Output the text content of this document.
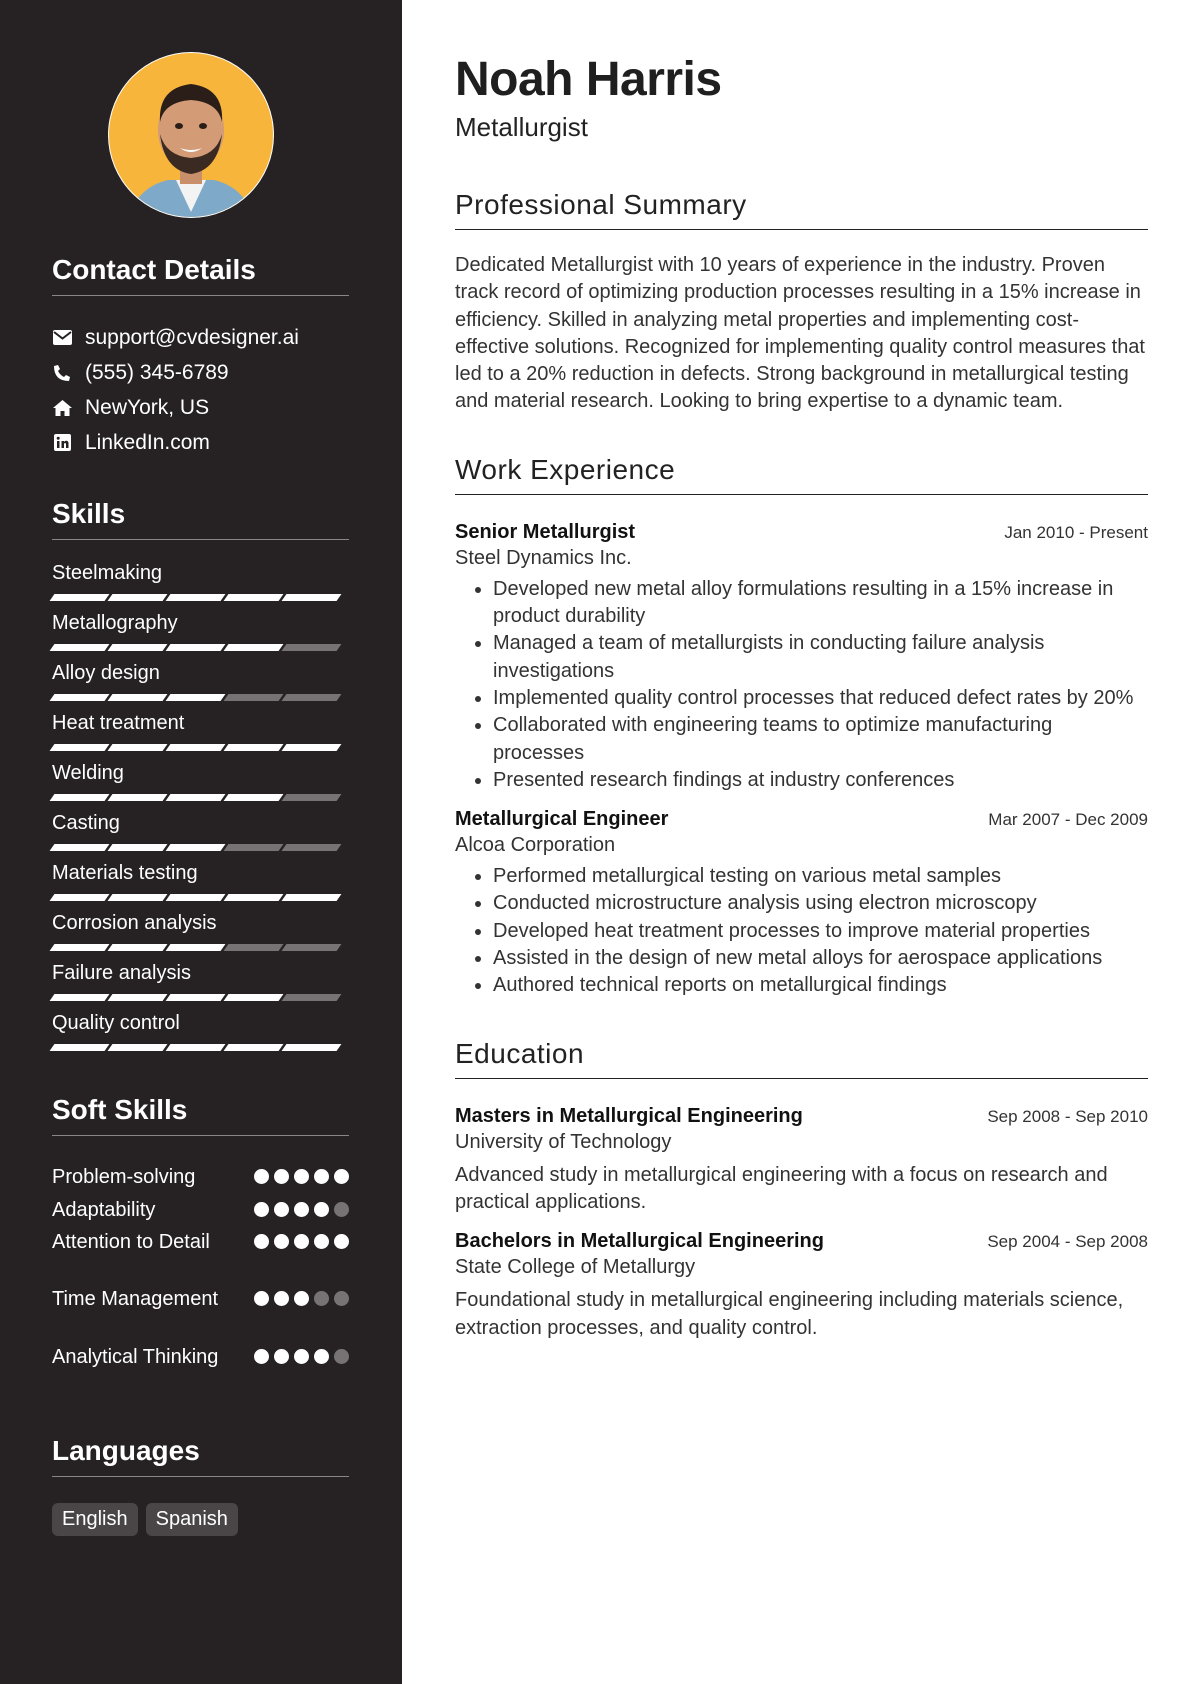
Contact Details
support@cvdesigner.ai
(555) 345-6789
NewYork, US
LinkedIn.com
Skills
Steelmaking
Metallography
Alloy design
Heat treatment
Welding
Casting
Materials testing
Corrosion analysis
Failure analysis
Quality control
Soft Skills
Problem-solving
Adaptability
Attention to Detail
Time Management
Analytical Thinking
Languages
English	Spanish
Noah Harris
Metallurgist
Professional Summary

Dedicated Metallurgist with 10 years of experience in the industry. Proven track record of optimizing production processes resulting in a 15% increase in efficiency. Skilled in analyzing metal properties and implementing cost-effective solutions. Recognized for implementing quality control measures that led to a 20% reduction in defects. Strong background in metallurgical testing and material research. Looking to bring expertise to a dynamic team.

Work Experience
Senior Metallurgist	Jan 2010 - Present
Steel Dynamics Inc.
• Developed new metal alloy formulations resulting in a 15% increase in product durability
• Managed a team of metallurgists in conducting failure analysis investigations
• Implemented quality control processes that reduced defect rates by 20%
• Collaborated with engineering teams to optimize manufacturing processes
• Presented research findings at industry conferences
Metallurgical Engineer	Mar 2007 - Dec 2009
Alcoa Corporation
• Performed metallurgical testing on various metal samples
• Conducted microstructure analysis using electron microscopy
• Developed heat treatment processes to improve material properties
• Assisted in the design of new metal alloys for aerospace applications
• Authored technical reports on metallurgical findings
Education
Masters in Metallurgical Engineering	Sep 2008 - Sep 2010
University of Technology

Advanced study in metallurgical engineering with a focus on research and practical applications.

Bachelors in Metallurgical Engineering	Sep 2004 - Sep 2008
State College of Metallurgy

Foundational study in metallurgical engineering including materials science, extraction processes, and quality control.
